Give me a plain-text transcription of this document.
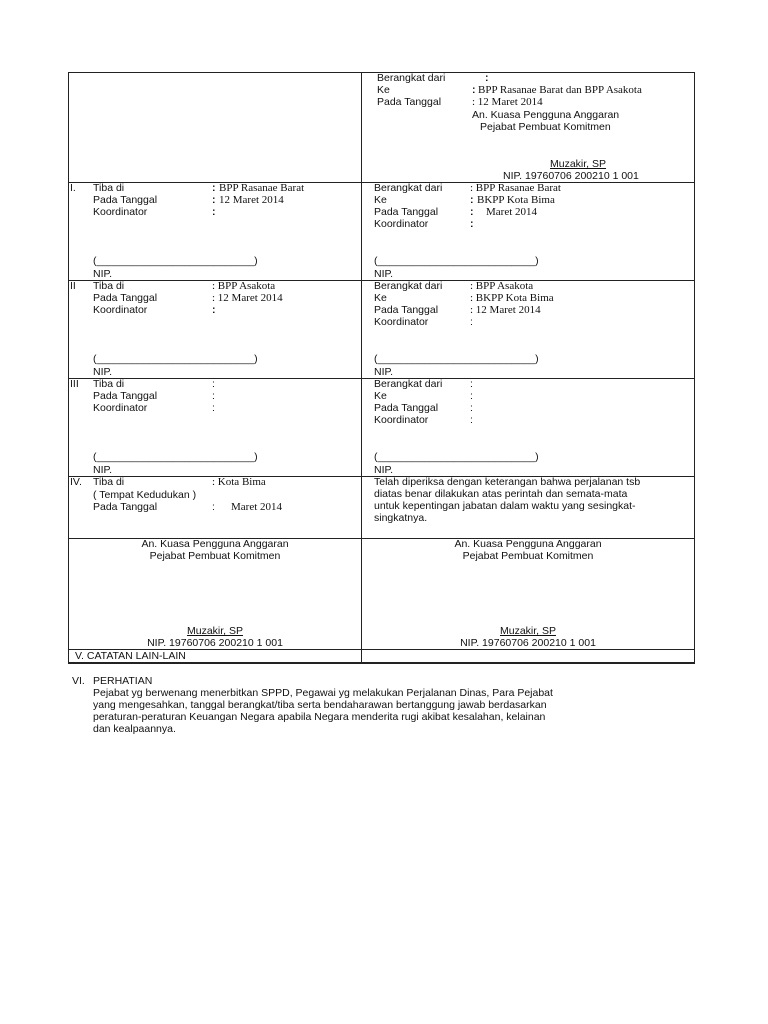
Berangkat dari	:
Ke	: BPP Rasanae Barat dan BPP Asakota
Pada Tanggal	: 12 Maret 2014
An. Kuasa Pengguna Anggaran
Pejabat Pembuat Komitmen
Muzakir, SP
NIP. 19760706 200210 1 001
I. Tiba di	: BPP Rasanae Barat
Pada Tanggal	: 12 Maret 2014
Koordinator	:
(___________________________)
NIP.
Berangkat dari	: BPP Rasanae Barat
Ke	: BKPP Kota Bima
Pada Tanggal	: Maret 2014
Koordinator	:
(___________________________)
NIP.
II Tiba di	: BPP Asakota
Pada Tanggal	: 12 Maret 2014
Koordinator	:
(___________________________)
NIP.
Berangkat dari	: BPP Asakota
Ke	: BKPP Kota Bima
Pada Tanggal	: 12 Maret 2014
Koordinator	:
(___________________________)
NIP.
III Tiba di	:
Pada Tanggal	:
Koordinator	:
(___________________________)
NIP.
Berangkat dari	:
Ke	:
Pada Tanggal	:
Koordinator	:
(___________________________)
NIP.
IV. Tiba di	: Kota Bima
( Tempat Kedudukan )
Pada Tanggal	: Maret 2014
Telah diperiksa dengan keterangan bahwa perjalanan tsb
diatas benar dilakukan atas perintah dan semata-mata
untuk kepentingan jabatan dalam waktu yang sesingkat-
singkatnya.
An. Kuasa Pengguna Anggaran
Pejabat Pembuat Komitmen
Muzakir, SP
NIP. 19760706 200210 1 001
An. Kuasa Pengguna Anggaran
Pejabat Pembuat Komitmen
Muzakir, SP
NIP. 19760706 200210 1 001
V. CATATAN LAIN-LAIN
VI. PERHATIAN
Pejabat yg berwenang menerbitkan SPPD, Pegawai yg melakukan Perjalanan Dinas, Para Pejabat
yang mengesahkan, tanggal berangkat/tiba serta bendaharawan bertanggung jawab berdasarkan
peraturan-peraturan Keuangan Negara apabila Negara menderita rugi akibat kesalahan, kelainan
dan kealpaannya.
